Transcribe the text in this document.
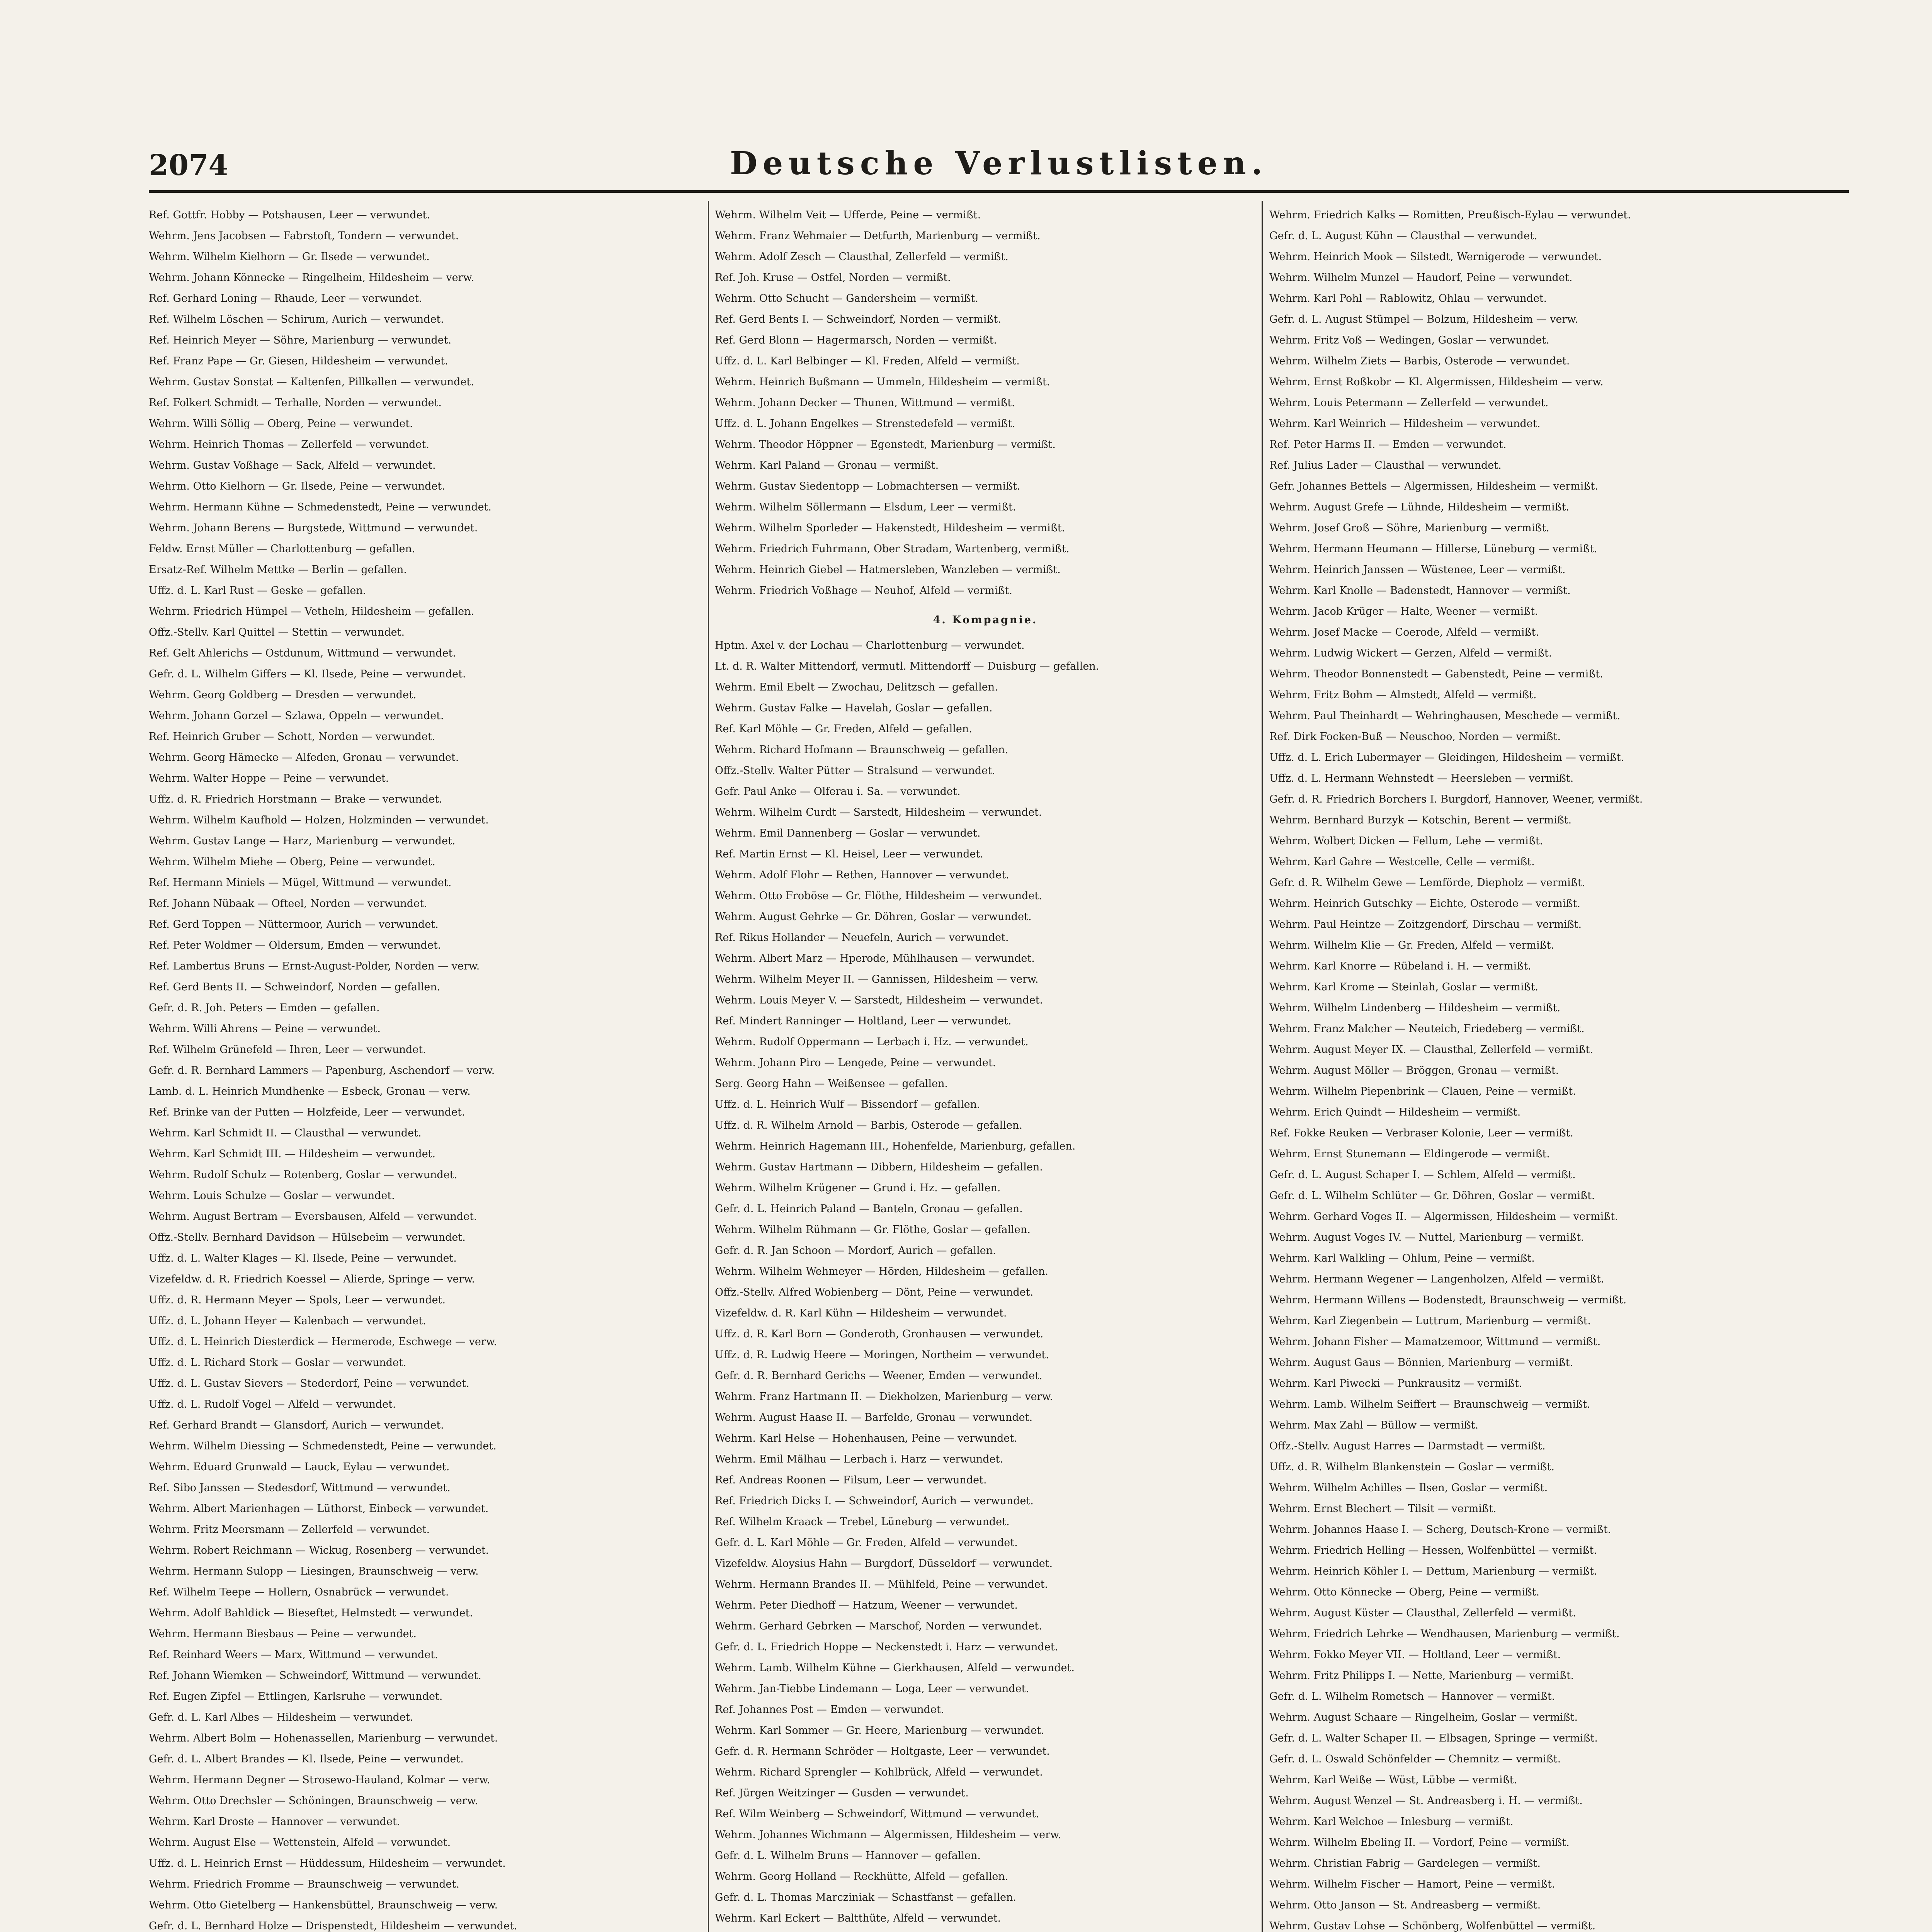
2074	Deutsche Verlustlisten.
Ref. Gottfr. Hobby — Potshausen, Leer — verwundet.
Wehrm. Jens Jacobsen — Fabrstoft, Tondern — verwundet.
Wehrm. Wilhelm Kielhorn — Gr. Ilsede — verwundet.
Wehrm. Johann Könnecke — Ringelheim, Hildesheim — verw.
Ref. Gerhard Loning — Rhaude, Leer — verwundet.
Ref. Wilhelm Löschen — Schirum, Aurich — verwundet.
Ref. Heinrich Meyer — Söhre, Marienburg — verwundet.
Ref. Franz Pape — Gr. Giesen, Hildesheim — verwundet.
Wehrm. Gustav Sonstat — Kaltenfen, Pillkallen — verwundet.
Ref. Folkert Schmidt — Terhalle, Norden — verwundet.
Wehrm. Willi Söllig — Oberg, Peine — verwundet.
Wehrm. Heinrich Thomas — Zellerfeld — verwundet.
Wehrm. Gustav Voßhage — Sack, Alfeld — verwundet.
Wehrm. Otto Kielhorn — Gr. Ilsede, Peine — verwundet.
Wehrm. Hermann Kühne — Schmedenstedt, Peine — verwundet.
Wehrm. Johann Berens — Burgstede, Wittmund — verwundet.
Feldw. Ernst Müller — Charlottenburg — gefallen.
Ersatz-Ref. Wilhelm Mettke — Berlin — gefallen.
Uffz. d. L. Karl Rust — Geske — gefallen.
Wehrm. Friedrich Hümpel — Vetheln, Hildesheim — gefallen.
Offz.-Stellv. Karl Quittel — Stettin — verwundet.
Ref. Gelt Ahlerichs — Ostdunum, Wittmund — verwundet.
Gefr. d. L. Wilhelm Giffers — Kl. Ilsede, Peine — verwundet.
Wehrm. Georg Goldberg — Dresden — verwundet.
Wehrm. Johann Gorzel — Szlawa, Oppeln — verwundet.
Ref. Heinrich Gruber — Schott, Norden — verwundet.
Wehrm. Georg Hämecke — Alfeden, Gronau — verwundet.
Wehrm. Walter Hoppe — Peine — verwundet.
Uffz. d. R. Friedrich Horstmann — Brake — verwundet.
Wehrm. Wilhelm Kaufhold — Holzen, Holzminden — verwundet.
Wehrm. Gustav Lange — Harz, Marienburg — verwundet.
Wehrm. Wilhelm Miehe — Oberg, Peine — verwundet.
Ref. Hermann Miniels — Mügel, Wittmund — verwundet.
Ref. Johann Nübaak — Ofteel, Norden — verwundet.
Ref. Gerd Toppen — Nüttermoor, Aurich — verwundet.
Ref. Peter Woldmer — Oldersum, Emden — verwundet.
Ref. Lambertus Bruns — Ernst-August-Polder, Norden — verw.
Ref. Gerd Bents II. — Schweindorf, Norden — gefallen.
Gefr. d. R. Joh. Peters — Emden — gefallen.
Wehrm. Willi Ahrens — Peine — verwundet.
Ref. Wilhelm Grünefeld — Ihren, Leer — verwundet.
Gefr. d. R. Bernhard Lammers — Papenburg, Aschendorf — verw.
Lamb. d. L. Heinrich Mundhenke — Esbeck, Gronau — verw.
Ref. Brinke van der Putten — Holzfeide, Leer — verwundet.
Wehrm. Karl Schmidt II. — Clausthal — verwundet.
Wehrm. Karl Schmidt III. — Hildesheim — verwundet.
Wehrm. Rudolf Schulz — Rotenberg, Goslar — verwundet.
Wehrm. Louis Schulze — Goslar — verwundet.
Wehrm. August Bertram — Eversbausen, Alfeld — verwundet.
Offz.-Stellv. Bernhard Davidson — Hülsebeim — verwundet.
Uffz. d. L. Walter Klages — Kl. Ilsede, Peine — verwundet.
Vizefeldw. d. R. Friedrich Koessel — Alierde, Springe — verw.
Uffz. d. R. Hermann Meyer — Spols, Leer — verwundet.
Uffz. d. L. Johann Heyer — Kalenbach — verwundet.
Uffz. d. L. Heinrich Diesterdick — Hermerode, Eschwege — verw.
Uffz. d. L. Richard Stork — Goslar — verwundet.
Uffz. d. L. Gustav Sievers — Stederdorf, Peine — verwundet.
Uffz. d. L. Rudolf Vogel — Alfeld — verwundet.
Ref. Gerhard Brandt — Glansdorf, Aurich — verwundet.
Wehrm. Wilhelm Diessing — Schmedenstedt, Peine — verwundet.
Wehrm. Eduard Grunwald — Lauck, Eylau — verwundet.
Ref. Sibo Janssen — Stedesdorf, Wittmund — verwundet.
Wehrm. Albert Marienhagen — Lüthorst, Einbeck — verwundet.
Wehrm. Fritz Meersmann — Zellerfeld — verwundet.
Wehrm. Robert Reichmann — Wickug, Rosenberg — verwundet.
Wehrm. Hermann Sulopp — Liesingen, Braunschweig — verw.
Ref. Wilhelm Teepe — Hollern, Osnabrück — verwundet.
Wehrm. Adolf Bahldick — Bieseftet, Helmstedt — verwundet.
Wehrm. Hermann Biesbaus — Peine — verwundet.
Ref. Reinhard Weers — Marx, Wittmund — verwundet.
Ref. Johann Wiemken — Schweindorf, Wittmund — verwundet.
Ref. Eugen Zipfel — Ettlingen, Karlsruhe — verwundet.
Gefr. d. L. Karl Albes — Hildesheim — verwundet.
Wehrm. Albert Bolm — Hohenassellen, Marienburg — verwundet.
Gefr. d. L. Albert Brandes — Kl. Ilsede, Peine — verwundet.
Wehrm. Hermann Degner — Strosewo-Hauland, Kolmar — verw.
Wehrm. Otto Drechsler — Schöningen, Braunschweig — verw.
Wehrm. Karl Droste — Hannover — verwundet.
Wehrm. August Else — Wettenstein, Alfeld — verwundet.
Uffz. d. L. Heinrich Ernst — Hüddessum, Hildesheim — verwundet.
Wehrm. Friedrich Fromme — Braunschweig — verwundet.
Wehrm. Otto Gietelberg — Hankensbüttel, Braunschweig — verw.
Gefr. d. L. Bernhard Holze — Drispenstedt, Hildesheim — verwundet.
Wehrm. Wilhelm Veit — Ufferde, Peine — vermißt.
Wehrm. Franz Wehmaier — Detfurth, Marienburg — vermißt.
Wehrm. Adolf Zesch — Clausthal, Zellerfeld — vermißt.
Ref. Joh. Kruse — Ostfel, Norden — vermißt.
Wehrm. Otto Schucht — Gandersheim — vermißt.
Ref. Gerd Bents I. — Schweindorf, Norden — vermißt.
Ref. Gerd Blonn — Hagermarsch, Norden — vermißt.
Uffz. d. L. Karl Belbinger — Kl. Freden, Alfeld — vermißt.
Wehrm. Heinrich Bußmann — Ummeln, Hildesheim — vermißt.
Wehrm. Johann Decker — Thunen, Wittmund — vermißt.
Uffz. d. L. Johann Engelkes — Strenstedefeld — vermißt.
Wehrm. Theodor Höppner — Egenstedt, Marienburg — vermißt.
Wehrm. Karl Paland — Gronau — vermißt.
Wehrm. Gustav Siedentopp — Lobmachtersen — vermißt.
Wehrm. Wilhelm Söllermann — Elsdum, Leer — vermißt.
Wehrm. Wilhelm Sporleder — Hakenstedt, Hildesheim — vermißt.
Wehrm. Friedrich Fuhrmann, Ober Stradam, Wartenberg, vermißt.
Wehrm. Heinrich Giebel — Hatmersleben, Wanzleben — vermißt.
Wehrm. Friedrich Voßhage — Neuhof, Alfeld — vermißt.
4. Kompagnie.
Hptm. Axel v. der Lochau — Charlottenburg — verwundet.
Lt. d. R. Walter Mittendorf, vermutl. Mittendorff — Duisburg — gefallen.
Wehrm. Emil Ebelt — Zwochau, Delitzsch — gefallen.
Wehrm. Gustav Falke — Havelah, Goslar — gefallen.
Ref. Karl Möhle — Gr. Freden, Alfeld — gefallen.
Wehrm. Richard Hofmann — Braunschweig — gefallen.
Offz.-Stellv. Walter Pütter — Stralsund — verwundet.
Gefr. Paul Anke — Olferau i. Sa. — verwundet.
Wehrm. Wilhelm Curdt — Sarstedt, Hildesheim — verwundet.
Wehrm. Emil Dannenberg — Goslar — verwundet.
Ref. Martin Ernst — Kl. Heisel, Leer — verwundet.
Wehrm. Adolf Flohr — Rethen, Hannover — verwundet.
Wehrm. Otto Froböse — Gr. Flöthe, Hildesheim — verwundet.
Wehrm. August Gehrke — Gr. Döhren, Goslar — verwundet.
Ref. Rikus Hollander — Neuefeln, Aurich — verwundet.
Wehrm. Albert Marz — Hperode, Mühlhausen — verwundet.
Wehrm. Wilhelm Meyer II. — Gannissen, Hildesheim — verw.
Wehrm. Louis Meyer V. — Sarstedt, Hildesheim — verwundet.
Ref. Mindert Ranninger — Holtland, Leer — verwundet.
Wehrm. Rudolf Oppermann — Lerbach i. Hz. — verwundet.
Wehrm. Johann Piro — Lengede, Peine — verwundet.
Serg. Georg Hahn — Weißensee — gefallen.
Uffz. d. L. Heinrich Wulf — Bissendorf — gefallen.
Uffz. d. R. Wilhelm Arnold — Barbis, Osterode — gefallen.
Wehrm. Heinrich Hagemann III., Hohenfelde, Marienburg, gefallen.
Wehrm. Gustav Hartmann — Dibbern, Hildesheim — gefallen.
Wehrm. Wilhelm Krügener — Grund i. Hz. — gefallen.
Gefr. d. L. Heinrich Paland — Banteln, Gronau — gefallen.
Wehrm. Wilhelm Rühmann — Gr. Flöthe, Goslar — gefallen.
Gefr. d. R. Jan Schoon — Mordorf, Aurich — gefallen.
Wehrm. Wilhelm Wehmeyer — Hörden, Hildesheim — gefallen.
Offz.-Stellv. Alfred Wobienberg — Dönt, Peine — verwundet.
Vizefeldw. d. R. Karl Kühn — Hildesheim — verwundet.
Uffz. d. R. Karl Born — Gonderoth, Gronhausen — verwundet.
Uffz. d. R. Ludwig Heere — Moringen, Northeim — verwundet.
Gefr. d. R. Bernhard Gerichs — Weener, Emden — verwundet.
Wehrm. Franz Hartmann II. — Diekholzen, Marienburg — verw.
Wehrm. August Haase II. — Barfelde, Gronau — verwundet.
Wehrm. Karl Helse — Hohenhausen, Peine — verwundet.
Wehrm. Emil Mälhau — Lerbach i. Harz — verwundet.
Ref. Andreas Roonen — Filsum, Leer — verwundet.
Ref. Friedrich Dicks I. — Schweindorf, Aurich — verwundet.
Ref. Wilhelm Kraack — Trebel, Lüneburg — verwundet.
Gefr. d. L. Karl Möhle — Gr. Freden, Alfeld — verwundet.
Vizefeldw. Aloysius Hahn — Burgdorf, Düsseldorf — verwundet.
Wehrm. Hermann Brandes II. — Mühlfeld, Peine — verwundet.
Wehrm. Peter Diedhoff — Hatzum, Weener — verwundet.
Wehrm. Gerhard Gebrken — Marschof, Norden — verwundet.
Gefr. d. L. Friedrich Hoppe — Neckenstedt i. Harz — verwundet.
Wehrm. Lamb. Wilhelm Kühne — Gierkhausen, Alfeld — verwundet.
Wehrm. Jan-Tiebbe Lindemann — Loga, Leer — verwundet.
Ref. Johannes Post — Emden — verwundet.
Wehrm. Karl Sommer — Gr. Heere, Marienburg — verwundet.
Gefr. d. R. Hermann Schröder — Holtgaste, Leer — verwundet.
Wehrm. Richard Sprengler — Kohlbrück, Alfeld — verwundet.
Ref. Jürgen Weitzinger — Gusden — verwundet.
Ref. Wilm Weinberg — Schweindorf, Wittmund — verwundet.
Wehrm. Johannes Wichmann — Algermissen, Hildesheim — verw.
Gefr. d. L. Wilhelm Bruns — Hannover — gefallen.
Wehrm. Georg Holland — Reckhütte, Alfeld — gefallen.
Gefr. d. L. Thomas Marcziniak — Schastfanst — gefallen.
Wehrm. Karl Eckert — Baltthüte, Alfeld — verwundet.
Wehrm. Friedrich Kalks — Romitten, Preußisch-Eylau — verwundet.
Gefr. d. L. August Kühn — Clausthal — verwundet.
Wehrm. Heinrich Mook — Silstedt, Wernigerode — verwundet.
Wehrm. Wilhelm Munzel — Haudorf, Peine — verwundet.
Wehrm. Karl Pohl — Rablowitz, Ohlau — verwundet.
Gefr. d. L. August Stümpel — Bolzum, Hildesheim — verw.
Wehrm. Fritz Voß — Wedingen, Goslar — verwundet.
Wehrm. Wilhelm Ziets — Barbis, Osterode — verwundet.
Wehrm. Ernst Roßkobr — Kl. Algermissen, Hildesheim — verw.
Wehrm. Louis Petermann — Zellerfeld — verwundet.
Wehrm. Karl Weinrich — Hildesheim — verwundet.
Ref. Peter Harms II. — Emden — verwundet.
Ref. Julius Lader — Clausthal — verwundet.
Gefr. Johannes Bettels — Algermissen, Hildesheim — vermißt.
Wehrm. August Grefe — Lühnde, Hildesheim — vermißt.
Wehrm. Josef Groß — Söhre, Marienburg — vermißt.
Wehrm. Hermann Heumann — Hillerse, Lüneburg — vermißt.
Wehrm. Heinrich Janssen — Wüstenee, Leer — vermißt.
Wehrm. Karl Knolle — Badenstedt, Hannover — vermißt.
Wehrm. Jacob Krüger — Halte, Weener — vermißt.
Wehrm. Josef Macke — Coerode, Alfeld — vermißt.
Wehrm. Ludwig Wickert — Gerzen, Alfeld — vermißt.
Wehrm. Theodor Bonnenstedt — Gabenstedt, Peine — vermißt.
Wehrm. Fritz Bohm — Almstedt, Alfeld — vermißt.
Wehrm. Paul Theinhardt — Wehringhausen, Meschede — vermißt.
Ref. Dirk Focken-Buß — Neuschoo, Norden — vermißt.
Uffz. d. L. Erich Lubermayer — Gleidingen, Hildesheim — vermißt.
Uffz. d. L. Hermann Wehnstedt — Heersleben — vermißt.
Gefr. d. R. Friedrich Borchers I. Burgdorf, Hannover, Weener, vermißt.
Wehrm. Bernhard Burzyk — Kotschin, Berent — vermißt.
Wehrm. Wolbert Dicken — Fellum, Lehe — vermißt.
Wehrm. Karl Gahre — Westcelle, Celle — vermißt.
Gefr. d. R. Wilhelm Gewe — Lemförde, Diepholz — vermißt.
Wehrm. Heinrich Gutschky — Eichte, Osterode — vermißt.
Wehrm. Paul Heintze — Zoitzgendorf, Dirschau — vermißt.
Wehrm. Wilhelm Klie — Gr. Freden, Alfeld — vermißt.
Wehrm. Karl Knorre — Rübeland i. H. — vermißt.
Wehrm. Karl Krome — Steinlah, Goslar — vermißt.
Wehrm. Wilhelm Lindenberg — Hildesheim — vermißt.
Wehrm. Franz Malcher — Neuteich, Friedeberg — vermißt.
Wehrm. August Meyer IX. — Clausthal, Zellerfeld — vermißt.
Wehrm. August Möller — Bröggen, Gronau — vermißt.
Wehrm. Wilhelm Piepenbrink — Clauen, Peine — vermißt.
Wehrm. Erich Quindt — Hildesheim — vermißt.
Ref. Fokke Reuken — Verbraser Kolonie, Leer — vermißt.
Wehrm. Ernst Stunemann — Eldingerode — vermißt.
Gefr. d. L. August Schaper I. — Schlem, Alfeld — vermißt.
Gefr. d. L. Wilhelm Schlüter — Gr. Döhren, Goslar — vermißt.
Wehrm. Gerhard Voges II. — Algermissen, Hildesheim — vermißt.
Wehrm. August Voges IV. — Nuttel, Marienburg — vermißt.
Wehrm. Karl Walkling — Ohlum, Peine — vermißt.
Wehrm. Hermann Wegener — Langenholzen, Alfeld — vermißt.
Wehrm. Hermann Willens — Bodenstedt, Braunschweig — vermißt.
Wehrm. Karl Ziegenbein — Luttrum, Marienburg — vermißt.
Wehrm. Johann Fisher — Mamatzemoor, Wittmund — vermißt.
Wehrm. August Gaus — Bönnien, Marienburg — vermißt.
Wehrm. Karl Piwecki — Punkrausitz — vermißt.
Wehrm. Lamb. Wilhelm Seiffert — Braunschweig — vermißt.
Wehrm. Max Zahl — Büllow — vermißt.
Offz.-Stellv. August Harres — Darmstadt — vermißt.
Uffz. d. R. Wilhelm Blankenstein — Goslar — vermißt.
Wehrm. Wilhelm Achilles — Ilsen, Goslar — vermißt.
Wehrm. Ernst Blechert — Tilsit — vermißt.
Wehrm. Johannes Haase I. — Scherg, Deutsch-Krone — vermißt.
Wehrm. Friedrich Helling — Hessen, Wolfenbüttel — vermißt.
Wehrm. Heinrich Köhler I. — Dettum, Marienburg — vermißt.
Wehrm. Otto Könnecke — Oberg, Peine — vermißt.
Wehrm. August Küster — Clausthal, Zellerfeld — vermißt.
Wehrm. Friedrich Lehrke — Wendhausen, Marienburg — vermißt.
Wehrm. Fokko Meyer VII. — Holtland, Leer — vermißt.
Wehrm. Fritz Philipps I. — Nette, Marienburg — vermißt.
Gefr. d. L. Wilhelm Rometsch — Hannover — vermißt.
Wehrm. August Schaare — Ringelheim, Goslar — vermißt.
Gefr. d. L. Walter Schaper II. — Elbsagen, Springe — vermißt.
Gefr. d. L. Oswald Schönfelder — Chemnitz — vermißt.
Wehrm. Karl Weiße — Wüst, Lübbe — vermißt.
Wehrm. August Wenzel — St. Andreasberg i. H. — vermißt.
Wehrm. Karl Welchoe — Inlesburg — vermißt.
Wehrm. Wilhelm Ebeling II. — Vordorf, Peine — vermißt.
Wehrm. Christian Fabrig — Gardelegen — vermißt.
Wehrm. Wilhelm Fischer — Hamort, Peine — vermißt.
Wehrm. Otto Janson — St. Andreasberg — vermißt.
Wehrm. Gustav Lohse — Schönberg, Wolfenbüttel — vermißt.
